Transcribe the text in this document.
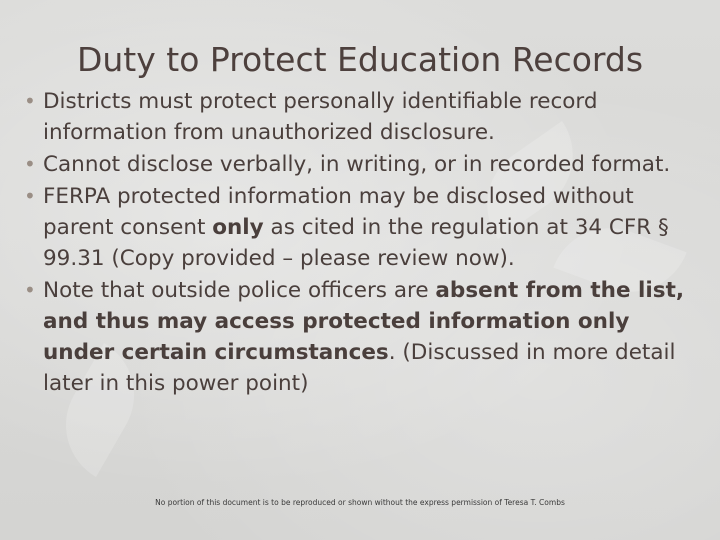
Duty to Protect Education Records
• Districts must protect personally identifiable record information from unauthorized disclosure.
• Cannot disclose verbally, in writing, or in recorded format.
• FERPA protected information may be disclosed without parent consent only as cited in the regulation at 34 CFR § 99.31 (Copy provided – please review now).
• Note that outside police officers are absent from the list, and thus may access protected information only under certain circumstances. (Discussed in more detail later in this power point)
No portion of this document is to be reproduced or shown without the express permission of Teresa T. Combs
